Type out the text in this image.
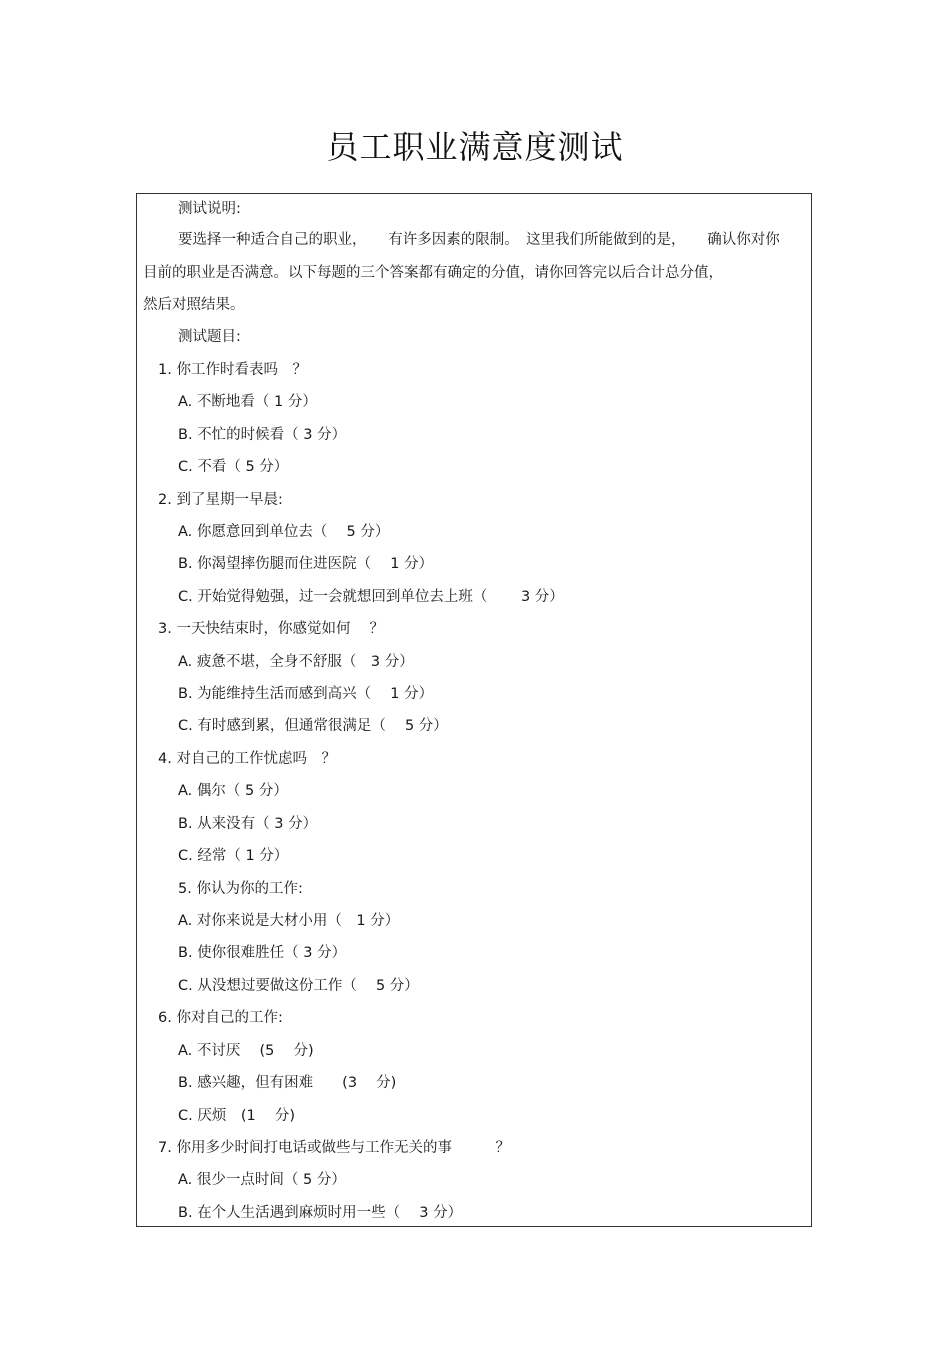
员工职业满意度测试
测试说明:
要选择一种适合自己的职业，　　有许多因素的限制。　这里我们所能做到的是，　　确认你对你
目前的职业是否满意。以下每题的三个答案都有确定的分值，请你回答完以后合计总分值，
然后对照结果。
测试题目:
1. 你工作时看表吗　？
A. 不断地看（ 1 分）
B. 不忙的时候看（ 3 分）
C. 不看（ 5 分）
2. 到了星期一早晨:
A. 你愿意回到单位去（　 5 分）
B. 你渴望摔伤腿而住进医院（　 1 分）
C. 开始觉得勉强，过一会就想回到单位去上班（　　 3 分）
3. 一天快结束时，你感觉如何　 ？
A. 疲惫不堪，全身不舒服（　3 分）
B. 为能维持生活而感到高兴（　 1 分）
C. 有时感到累，但通常很满足（　 5 分）
4. 对自己的工作忧虑吗　？
A. 偶尔（ 5 分）
B. 从来没有（ 3 分）
C. 经常（ 1 分）
5. 你认为你的工作:
A. 对你来说是大材小用（　1 分）
B. 使你很难胜任（ 3 分）
C. 从没想过要做这份工作（　 5 分）
6. 你对自己的工作:
A. 不讨厌　 (5　 分)
B. 感兴趣，但有困难　　(3　 分)
C. 厌烦　(1　 分)
7. 你用多少时间打电话或做些与工作无关的事　　　？
A. 很少一点时间（ 5 分）
B. 在个人生活遇到麻烦时用一些（　 3 分）
